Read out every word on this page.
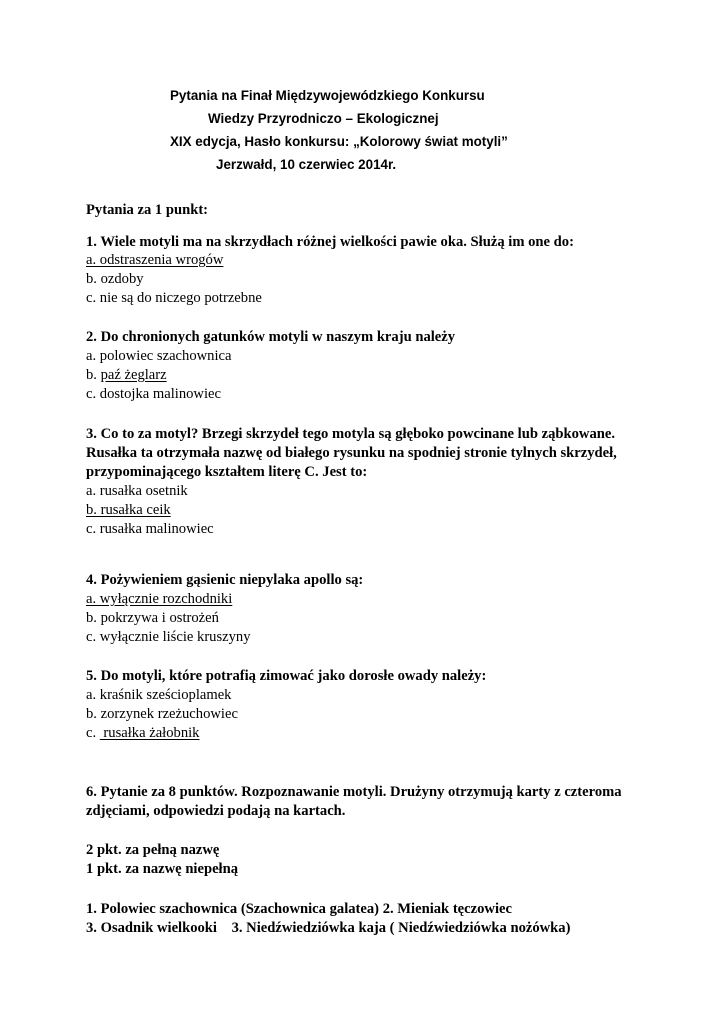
Pytania na Finał Międzywojewódzkiego Konkursu
Wiedzy Przyrodniczo – Ekologicznej
XIX edycja, Hasło konkursu: „Kolorowy świat motyli”
Jerzwałd, 10 czerwiec 2014r.
Pytania za 1 punkt:
1. Wiele motyli ma na skrzydłach różnej wielkości pawie oka. Służą im one do:
a. odstraszenia wrogów
b. ozdoby
c. nie są do niczego potrzebne
2. Do chronionych gatunków motyli w naszym kraju należy
a. polowiec szachownica
b. paź żeglarz
c. dostojka malinowiec
3. Co to za motyl? Brzegi skrzydeł tego motyla są głęboko powcinane lub ząbkowane.
Rusałka ta otrzymała nazwę od białego rysunku na spodniej stronie tylnych skrzydeł,
przypominającego kształtem literę C. Jest to:
a. rusałka osetnik
b. rusałka ceik
c. rusałka malinowiec
4. Pożywieniem gąsienic niepylaka apollo są:
a. wyłącznie rozchodniki
b. pokrzywa i ostrożeń
c. wyłącznie liście kruszyny
5. Do motyli, które potrafią zimować jako dorosłe owady należy:
a. kraśnik sześcioplamek
b. zorzynek rzeżuchowiec
c.  rusałka żałobnik
6. Pytanie za 8 punktów. Rozpoznawanie motyli. Drużyny otrzymują karty z czteroma
zdjęciami, odpowiedzi podają na kartach.
2 pkt. za pełną nazwę
1 pkt. za nazwę niepełną
1. Polowiec szachownica (Szachownica galatea) 2. Mieniak tęczowiec
3. Osadnik wielkooki    3. Niedźwiedziówka kaja ( Niedźwiedziówka nożówka)
